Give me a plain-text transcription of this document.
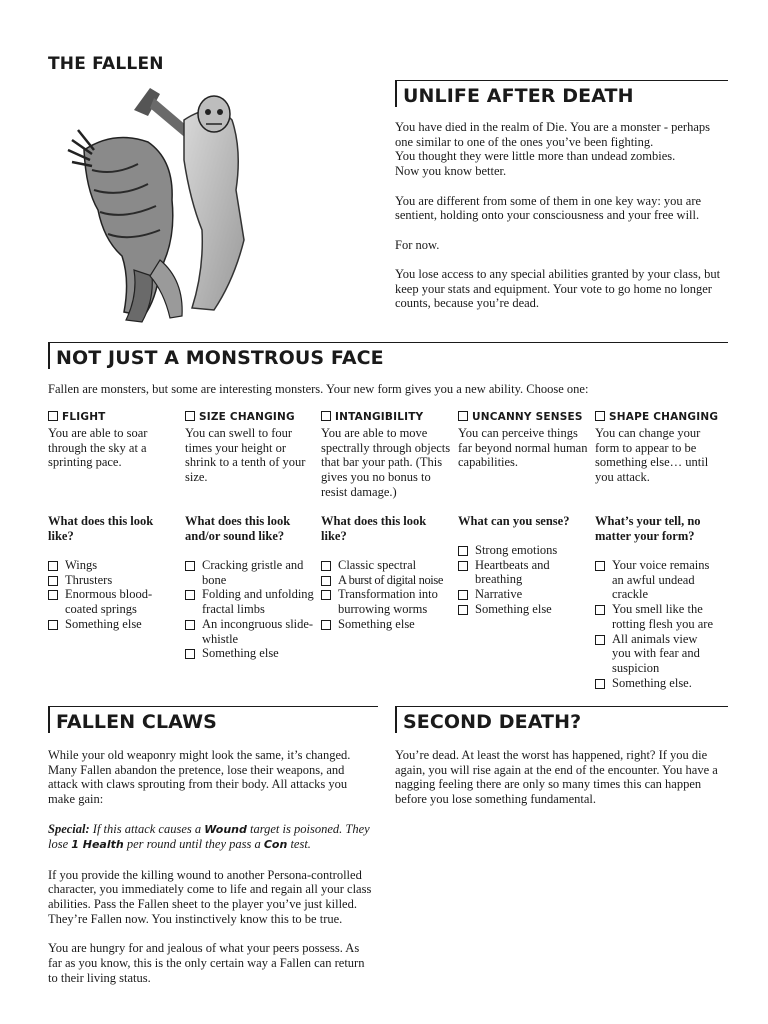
THE FALLEN
UNLIFE AFTER DEATH

You have died in the realm of Die. You are a monster - perhaps one similar to one of the ones you’ve been fighting.

You thought they were little more than undead zombies.

Now you know better.

You are different from some of them in one key way: you are sentient, holding onto your consciousness and your free will.

For now.

You lose access to any special abilities granted by your class, but keep your stats and equipment. Your vote to go home no longer counts, because you’re dead.

NOT JUST A MONSTROUS FACE

Fallen are monsters, but some are interesting monsters. Your new form gives you a new ability. Choose one:

FLIGHT

You are able to soar through the sky at a sprinting pace.

What does this look like?

Wings
Thrusters
Enormous blood-coated springs
Something else
SIZE CHANGING

You can swell to four times your height or shrink to a tenth of your size.

What does this look and/or sound like?

Cracking gristle and bone
Folding and unfolding fractal limbs
An incongruous slide-whistle
Something else
INTANGIBILITY

You are able to move spectrally through objects that bar your path. (This gives you no bonus to resist damage.)

What does this look like?

Classic spectral
A burst of digital noise
Transformation into burrowing worms
Something else
UNCANNY SENSES

You can perceive things far beyond normal human capabilities.

What can you sense?

Strong emotions
Heartbeats and breathing
Narrative
Something else
SHAPE CHANGING

You can change your form to appear to be something else… until you attack.

What’s your tell, no matter your form?

Your voice remains an awful undead crackle
You smell like the rotting flesh you are
All animals view you with fear and suspicion
Something else.
FALLEN CLAWS

While your old weaponry might look the same, it’s changed. Many Fallen abandon the pretence, lose their weapons, and attack with claws sprouting from their body. All attacks you make gain:

Special: If this attack causes a Wound target is poisoned. They lose 1 Health per round until they pass a Con test.

If you provide the killing wound to another Persona-controlled character, you immediately come to life and regain all your class abilities. Pass the Fallen sheet to the player you’ve just killed. They’re Fallen now. You instinctively know this to be true.

You are hungry for and jealous of what your peers possess. As far as you know, this is the only certain way a Fallen can return to their living status.

SECOND DEATH?

You’re dead. At least the worst has happened, right? If you die again, you will rise again at the end of the encounter. You have a nagging feeling there are only so many times this can happen before you lose something fundamental.
